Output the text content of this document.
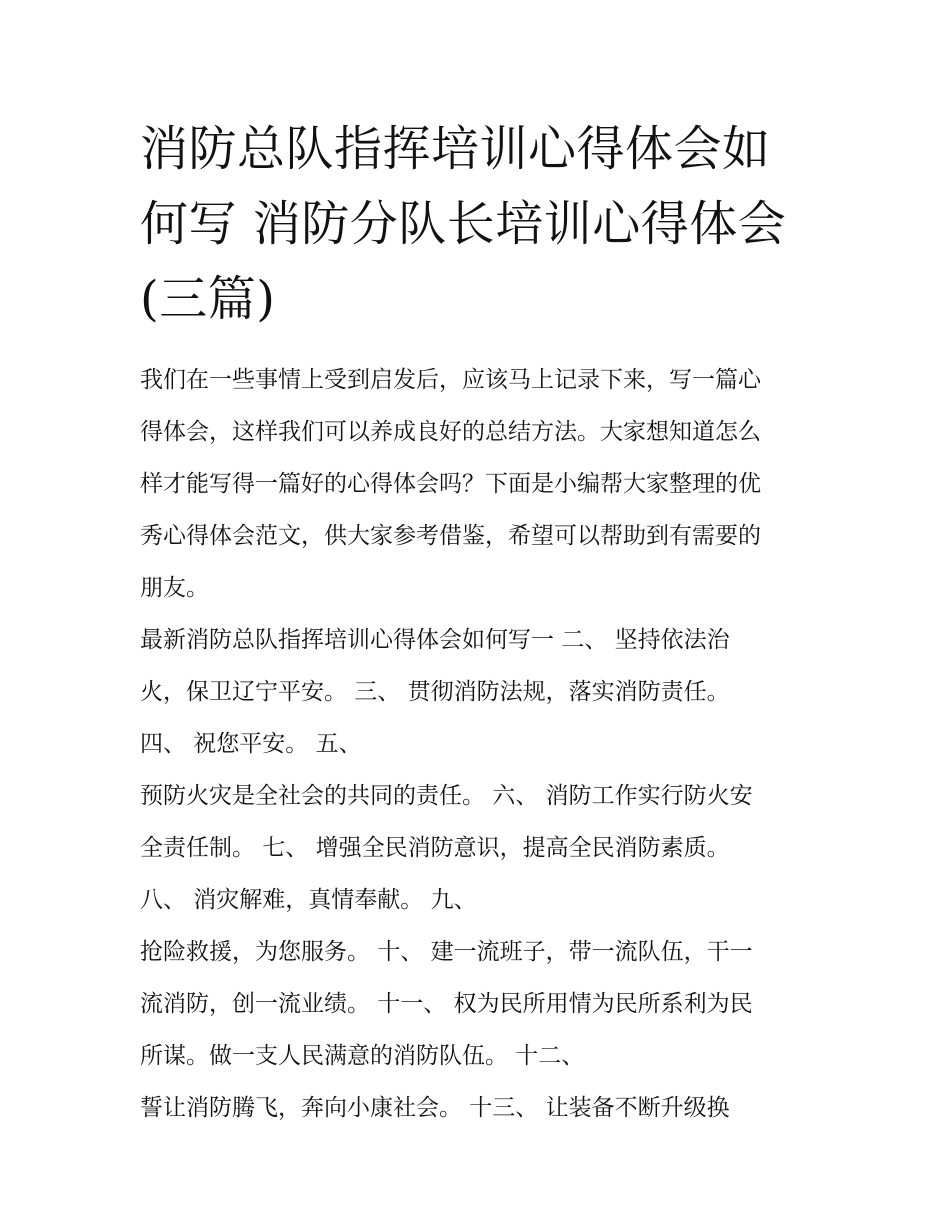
消防总队指挥培训心得体会如
何写 消防分队长培训心得体会
(三篇)
我们在一些事情上受到启发后，应该马上记录下来，写一篇心
得体会，这样我们可以养成良好的总结方法。大家想知道怎么
样才能写得一篇好的心得体会吗？下面是小编帮大家整理的优
秀心得体会范文，供大家参考借鉴，希望可以帮助到有需要的
朋友。
最新消防总队指挥培训心得体会如何写一 二、 坚持依法治
火，保卫辽宁平安。 三、 贯彻消防法规，落实消防责任。
四、 祝您平安。 五、
预防火灾是全社会的共同的责任。 六、 消防工作实行防火安
全责任制。 七、 增强全民消防意识，提高全民消防素质。
八、 消灾解难，真情奉献。 九、
抢险救援，为您服务。 十、 建一流班子，带一流队伍，干一
流消防，创一流业绩。 十一、 权为民所用情为民所系利为民
所谋。做一支人民满意的消防队伍。 十二、
誓让消防腾飞，奔向小康社会。 十三、 让装备不断升级换
